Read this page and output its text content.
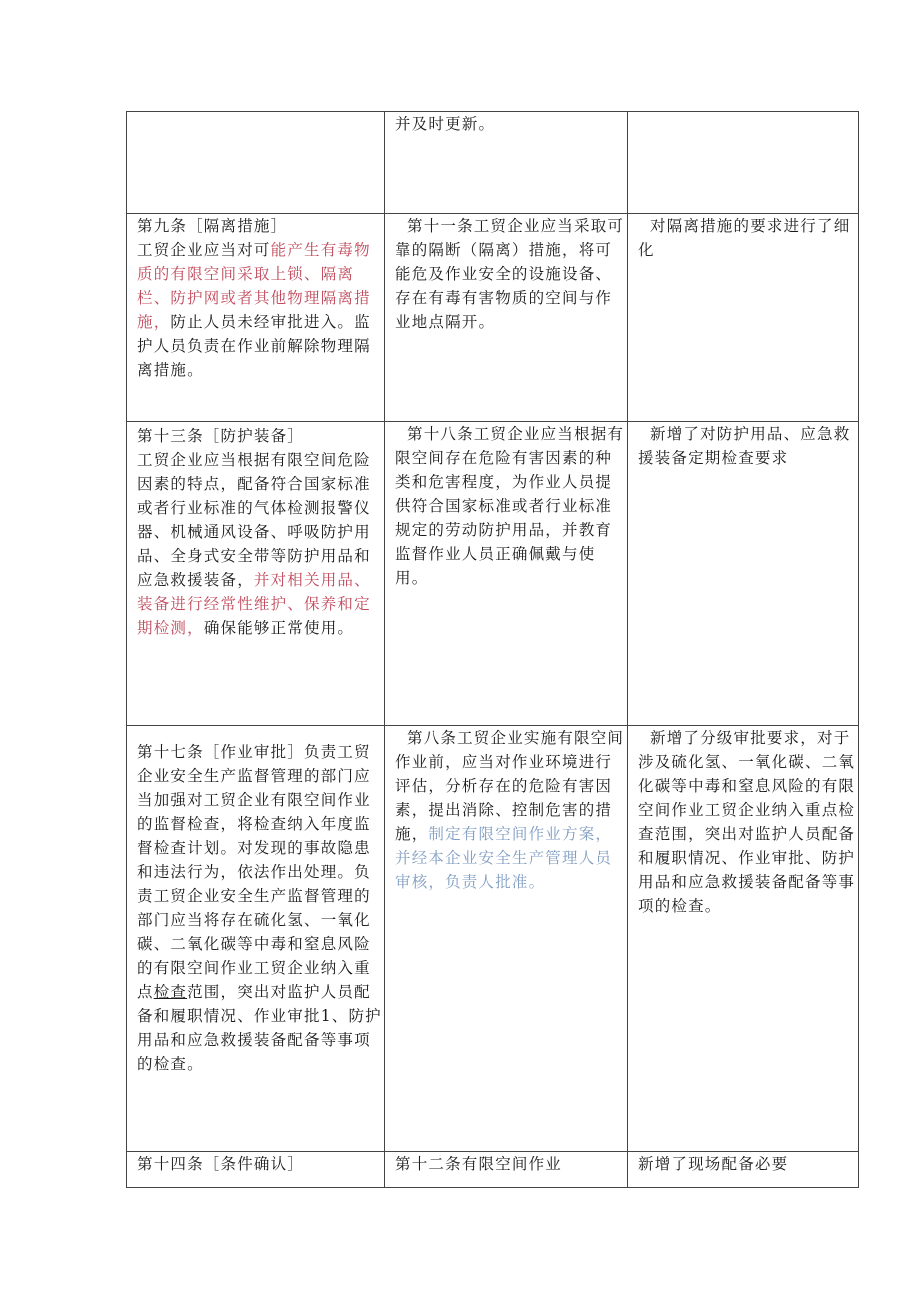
	并及时更新。	

第九条［隔离措施］
工贸企业应当对可能产生有毒物质的有限空间采取上锁、隔离栏、防护网或者其他物理隔离措施，防止人员未经审批进入。监护人员负责在作业前解除物理隔离措施。	第十一条工贸企业应当采取可靠的隔断（隔离）措施，将可能危及作业安全的设施设备、存在有毒有害物质的空间与作业地点隔开。	对隔离措施的要求进行了细化

第十三条［防护装备］
工贸企业应当根据有限空间危险因素的特点，配备符合国家标准或者行业标准的气体检测报警仪器、机械通风设备、呼吸防护用品、全身式安全带等防护用品和应急救援装备，并对相关用品、装备进行经常性维护、保养和定期检测，确保能够正常使用。	第十八条工贸企业应当根据有限空间存在危险有害因素的种类和危害程度，为作业人员提供符合国家标准或者行业标准规定的劳动防护用品，并教育监督作业人员正确佩戴与使用。	新增了对防护用品、应急救援装备定期检查要求
第十七条［作业审批］负责工贸企业安全生产监督管理的部门应当加强对工贸企业有限空间作业的监督检查，将检查纳入年度监督检查计划。对发现的事故隐患和违法行为，依法作出处理。负责工贸企业安全生产监督管理的部门应当将存在硫化氢、一氧化碳、二氧化碳等中毒和窒息风险的有限空间作业工贸企业纳入重点检查范围，突出对监护人员配备和履职情况、作业审批1、防护用品和应急救援装备配备等事项的检查。	第八条工贸企业实施有限空间作业前，应当对作业环境进行评估，分析存在的危险有害因素，提出消除、控制危害的措施，制定有限空间作业方案，并经本企业安全生产管理人员审核，负责人批准。	新增了分级审批要求，对于涉及硫化氢、一氧化碳、二氧化碳等中毒和窒息风险的有限空间作业工贸企业纳入重点检查范围，突出对监护人员配备和履职情况、作业审批、防护用品和应急救援装备配备等事项的检查。
第十四条［条件确认］	第十二条有限空间作业	新增了现场配备必要
